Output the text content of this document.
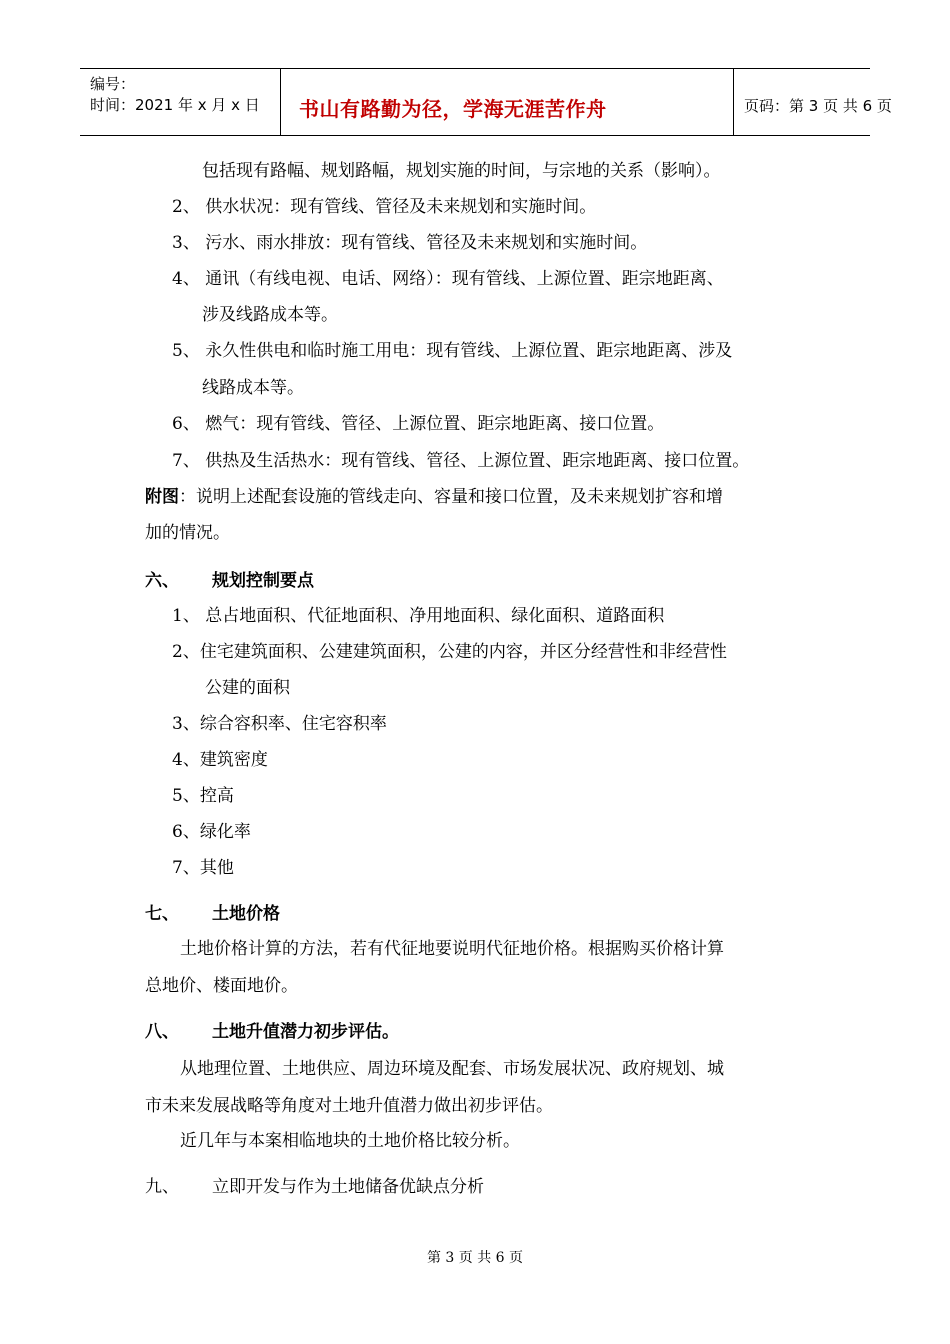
编号：
时间：2021 年 x 月 x 日	书山有路勤为径，学海无涯苦作舟	页码：第 3 页 共 6 页
包括现有路幅、规划路幅，规划实施的时间，与宗地的关系（影响）。
2、 供水状况：现有管线、管径及未来规划和实施时间。
3、 污水、雨水排放：现有管线、管径及未来规划和实施时间。
4、 通讯（有线电视、电话、网络）：现有管线、上源位置、距宗地距离、
涉及线路成本等。
5、 永久性供电和临时施工用电：现有管线、上源位置、距宗地距离、涉及
线路成本等。
6、 燃气：现有管线、管径、上源位置、距宗地距离、接口位置。
7、 供热及生活热水：现有管线、管径、上源位置、距宗地距离、接口位置。
附图：说明上述配套设施的管线走向、容量和接口位置，及未来规划扩容和增
加的情况。
六、 规划控制要点
1、 总占地面积、代征地面积、净用地面积、绿化面积、道路面积
2、住宅建筑面积、公建建筑面积，公建的内容，并区分经营性和非经营性
公建的面积
3、综合容积率、住宅容积率
4、建筑密度
5、控高
6、绿化率
7、其他
七、 土地价格
土地价格计算的方法，若有代征地要说明代征地价格。根据购买价格计算
总地价、楼面地价。
八、 土地升值潜力初步评估。
从地理位置、土地供应、周边环境及配套、市场发展状况、政府规划、城
市未来发展战略等角度对土地升值潜力做出初步评估。
近几年与本案相临地块的土地价格比较分析。
九、 立即开发与作为土地储备优缺点分析
第 3 页 共 6 页
